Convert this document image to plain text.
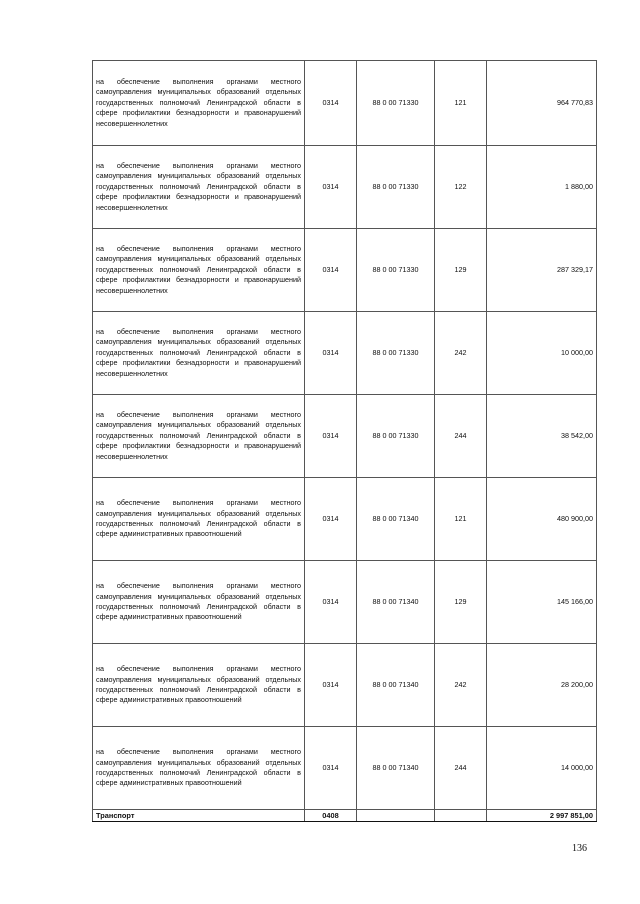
на обеспечение выполнения органами местного самоуправления муниципальных образований отдельных государственных полномочий Ленинградской области в сфере профилактики безнадзорности и правонарушений несовершеннолетних	0314	88 0 00 71330	121	964 770,83
на обеспечение выполнения органами местного самоуправления муниципальных образований отдельных государственных полномочий Ленинградской области в сфере профилактики безнадзорности и правонарушений несовершеннолетних	0314	88 0 00 71330	122	1 880,00
на обеспечение выполнения органами местного самоуправления муниципальных образований отдельных государственных полномочий Ленинградской области в сфере профилактики безнадзорности и правонарушений несовершеннолетних	0314	88 0 00 71330	129	287 329,17
на обеспечение выполнения органами местного самоуправления муниципальных образований отдельных государственных полномочий Ленинградской области в сфере профилактики безнадзорности и правонарушений несовершеннолетних	0314	88 0 00 71330	242	10 000,00
на обеспечение выполнения органами местного самоуправления муниципальных образований отдельных государственных полномочий Ленинградской области в сфере профилактики безнадзорности и правонарушений несовершеннолетних	0314	88 0 00 71330	244	38 542,00
на обеспечение выполнения органами местного самоуправления муниципальных образований отдельных государственных полномочий Ленинградской области в сфере административных правоотношений	0314	88 0 00 71340	121	480 900,00
на обеспечение выполнения органами местного самоуправления муниципальных образований отдельных государственных полномочий Ленинградской области в сфере административных правоотношений	0314	88 0 00 71340	129	145 166,00
на обеспечение выполнения органами местного самоуправления муниципальных образований отдельных государственных полномочий Ленинградской области в сфере административных правоотношений	0314	88 0 00 71340	242	28 200,00
на обеспечение выполнения органами местного самоуправления муниципальных образований отдельных государственных полномочий Ленинградской области в сфере административных правоотношений	0314	88 0 00 71340	244	14 000,00
Транспорт	0408			2 997 851,00
136
